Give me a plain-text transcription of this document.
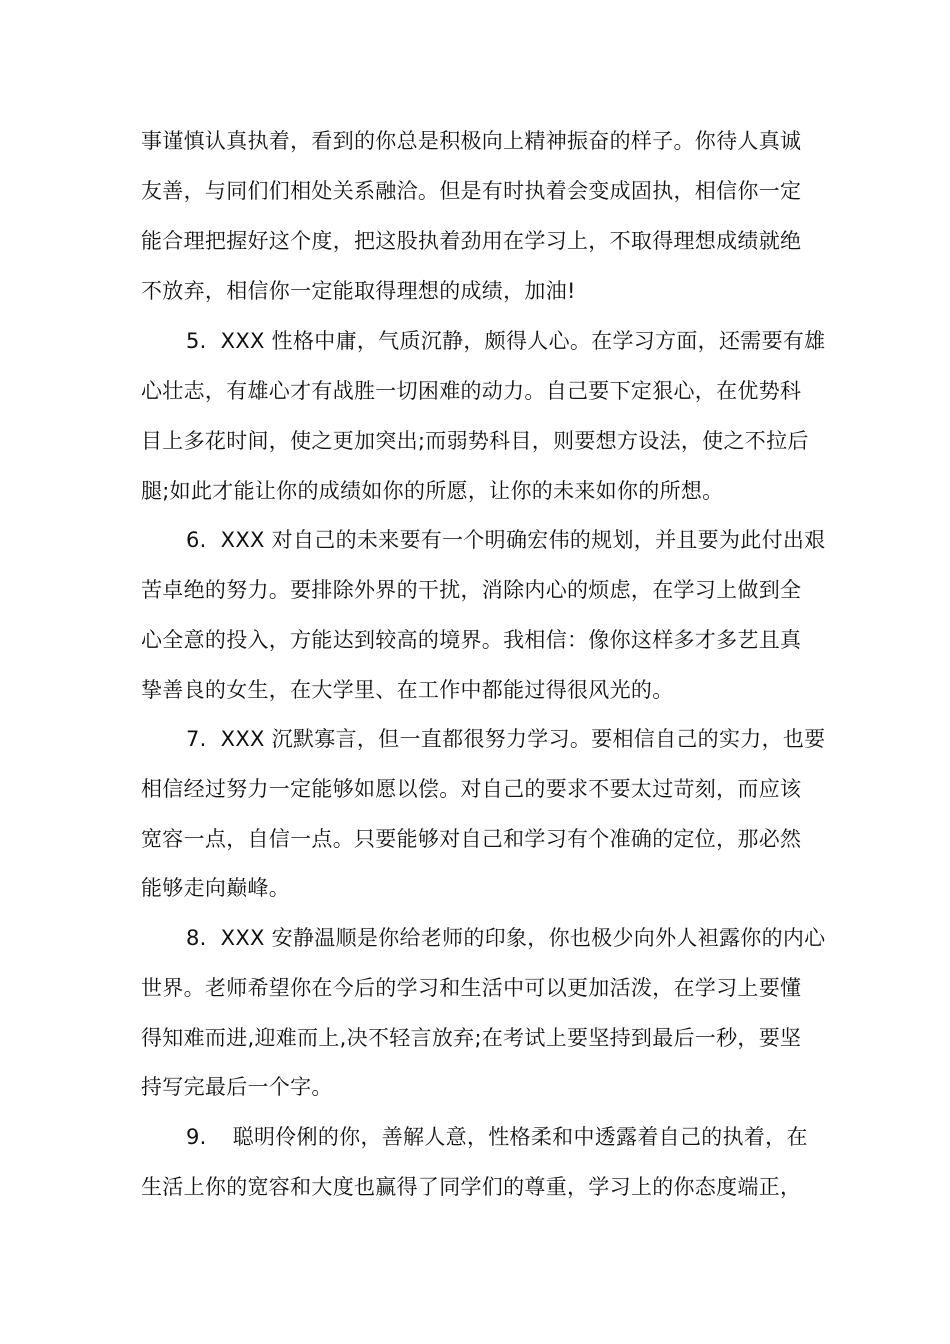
事谨慎认真执着，看到的你总是积极向上精神振奋的样子。你待人真诚
友善，与同们们相处关系融洽。但是有时执着会变成固执，相信你一定
能合理把握好这个度，把这股执着劲用在学习上，不取得理想成绩就绝
不放弃，相信你一定能取得理想的成绩，加油!
5. XXX 性格中庸，气质沉静，颇得人心。在学习方面，还需要有雄
心壮志，有雄心才有战胜一切困难的动力。自己要下定狠心，在优势科
目上多花时间，使之更加突出;而弱势科目，则要想方设法，使之不拉后
腿;如此才能让你的成绩如你的所愿，让你的未来如你的所想。
6. XXX 对自己的未来要有一个明确宏伟的规划，并且要为此付出艰
苦卓绝的努力。要排除外界的干扰，消除内心的烦虑，在学习上做到全
心全意的投入，方能达到较高的境界。我相信：像你这样多才多艺且真
挚善良的女生，在大学里、在工作中都能过得很风光的。
7. XXX 沉默寡言，但一直都很努力学习。要相信自己的实力，也要
相信经过努力一定能够如愿以偿。对自己的要求不要太过苛刻，而应该
宽容一点，自信一点。只要能够对自己和学习有个准确的定位，那必然
能够走向巅峰。
8. XXX 安静温顺是你给老师的印象，你也极少向外人袒露你的内心
世界。老师希望你在今后的学习和生活中可以更加活泼，在学习上要懂
得知难而进,迎难而上,决不轻言放弃;在考试上要坚持到最后一秒，要坚
持写完最后一个字。
9. 聪明伶俐的你，善解人意，性格柔和中透露着自己的执着，在
生活上你的宽容和大度也赢得了同学们的尊重，学习上的你态度端正，
